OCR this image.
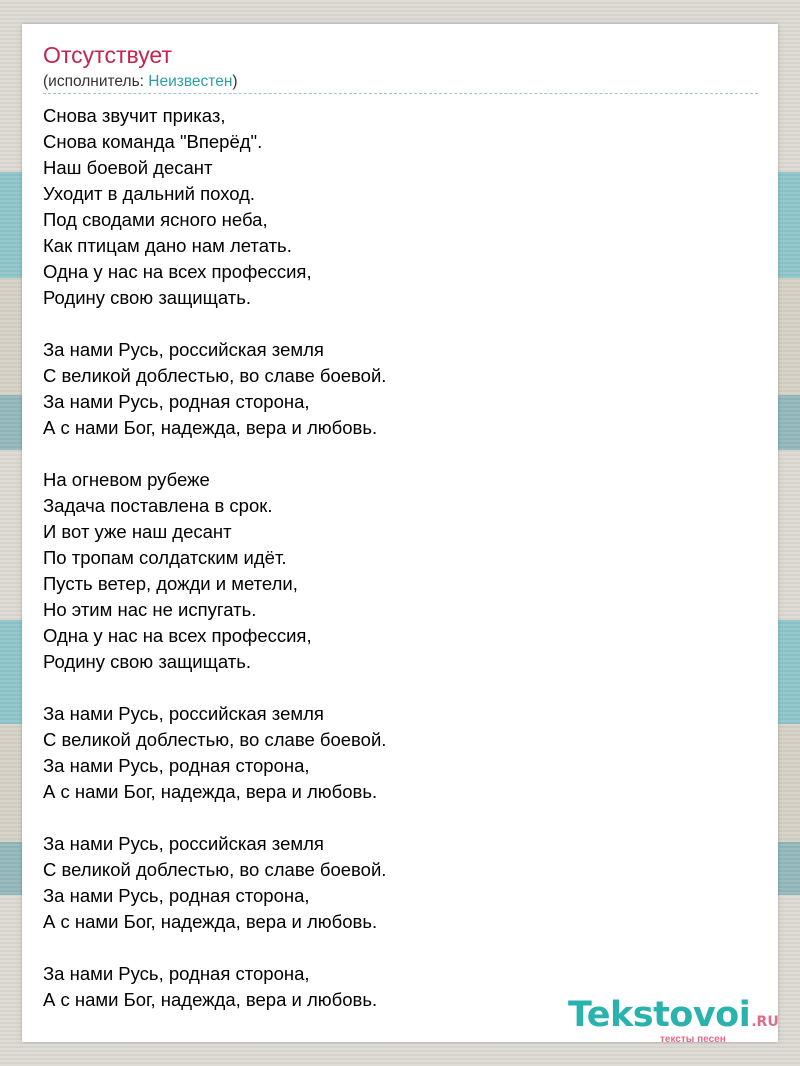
Отсутствует
(исполнитель: Неизвестен)
Снова звучит приказ,
Снова команда "Вперёд".
Наш боевой десант
Уходит в дальний поход.
Под сводами ясного неба,
Как птицам дано нам летать.
Одна у нас на всех профессия,
Родину свою защищать.
За нами Русь, российская земля
С великой доблестью, во славе боевой.
За нами Русь, родная сторона,
А с нами Бог, надежда, вера и любовь.
На огневом рубеже
Задача поставлена в срок.
И вот уже наш десант
По тропам солдатским идёт.
Пусть ветер, дожди и метели,
Но этим нас не испугать.
Одна у нас на всех профессия,
Родину свою защищать.
За нами Русь, российская земля
С великой доблестью, во славе боевой.
За нами Русь, родная сторона,
А с нами Бог, надежда, вера и любовь.
За нами Русь, российская земля
С великой доблестью, во славе боевой.
За нами Русь, родная сторона,
А с нами Бог, надежда, вера и любовь.
За нами Русь, родная сторона,
А с нами Бог, надежда, вера и любовь.	Tekstovoi.RU
тексты песен
